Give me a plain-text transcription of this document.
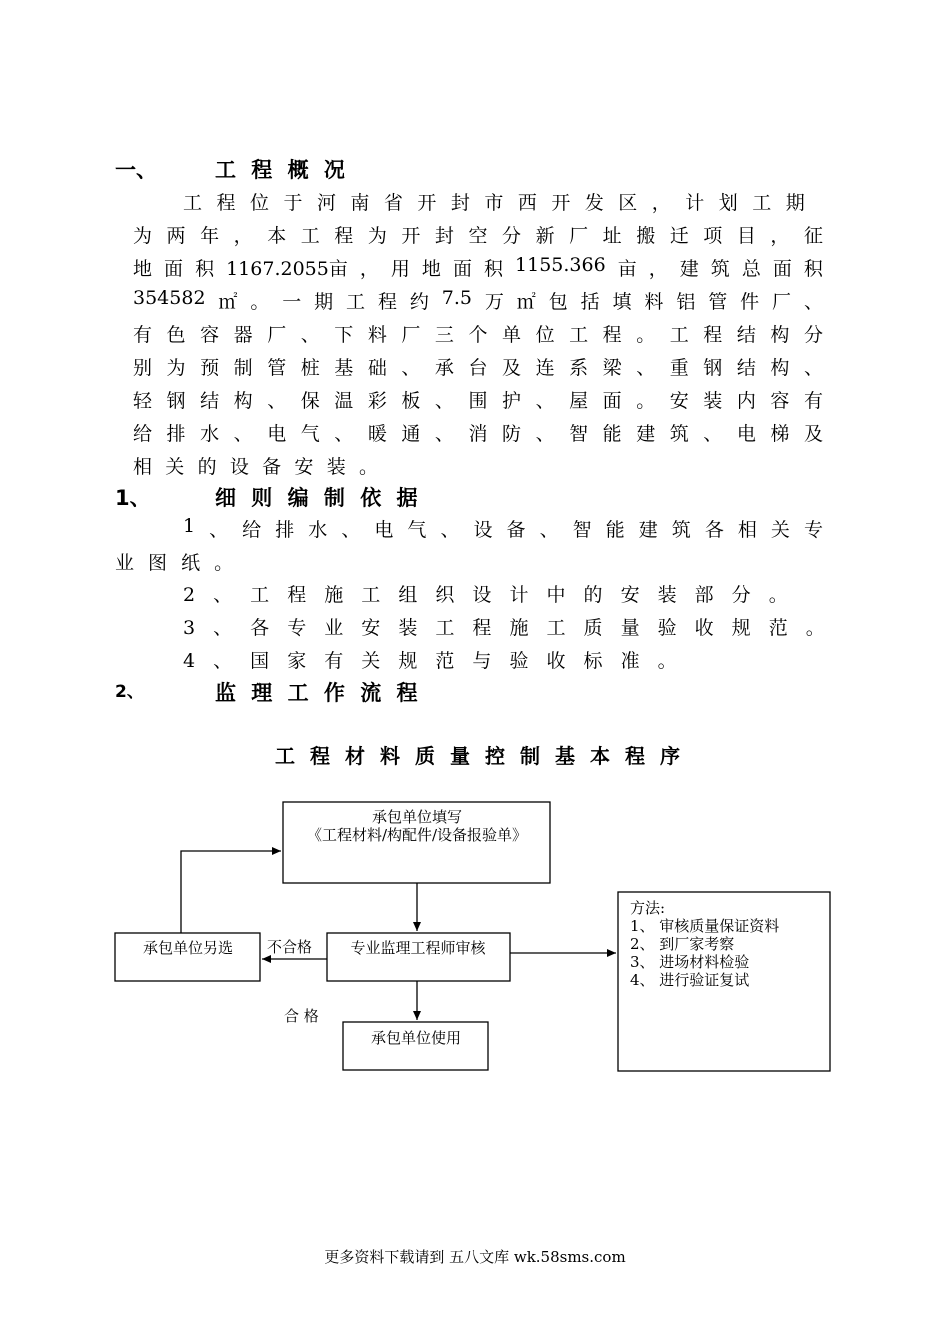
一、	工 程 概 况
工 程 位 于 河 南 省 开 封 市 西 开 发 区 ， 计 划 工 期
为 两 年 ， 本 工 程 为 开 封 空 分 新 厂 址 搬 迁 项 目 ， 征
地 面 积 1167.2055亩 ， 用 地 面 积 1155.366 亩 ， 建 筑 总 面 积
354582 ㎡ 。 一 期 工 程 约 7.5 万 ㎡ 包 括 填 料 铝 管 件 厂 、
有 色 容 器 厂 、 下 料 厂 三 个 单 位 工 程 。 工 程 结 构 分
别 为 预 制 管 桩 基 础 、 承 台 及 连 系 梁 、 重 钢 结 构 、
轻 钢 结 构 、 保 温 彩 板 、 围 护 、 屋 面 。 安 装 内 容 有
给 排 水 、 电 气 、 暖 通 、 消 防 、 智 能 建 筑 、 电 梯 及
相 关 的 设 备 安 装 。
1、	细 则 编 制 依 据
1 、 给 排 水 、 电 气 、 设 备 、 智 能 建 筑 各 相 关 专
业 图 纸 。
2 、 工 程 施 工 组 织 设 计 中 的 安 装 部 分 。
3 、 各 专 业 安 装 工 程 施 工 质 量 验 收 规 范 。
4 、 国 家 有 关 规 范 与 验 收 标 准 。
2、	监 理 工 作 流 程
工程材料质量控制基本程序
承包单位填写
《工程材料/构配件/设备报验单》
专业监理工程师审核
承包单位另选
承包单位使用
不合格
合 格
方法:
1、 审核质量保证资料
2、 到厂家考察
3、 进场材料检验
4、 进行验证复试
更多资料下载请到 五八文库 wk.58sms.com
